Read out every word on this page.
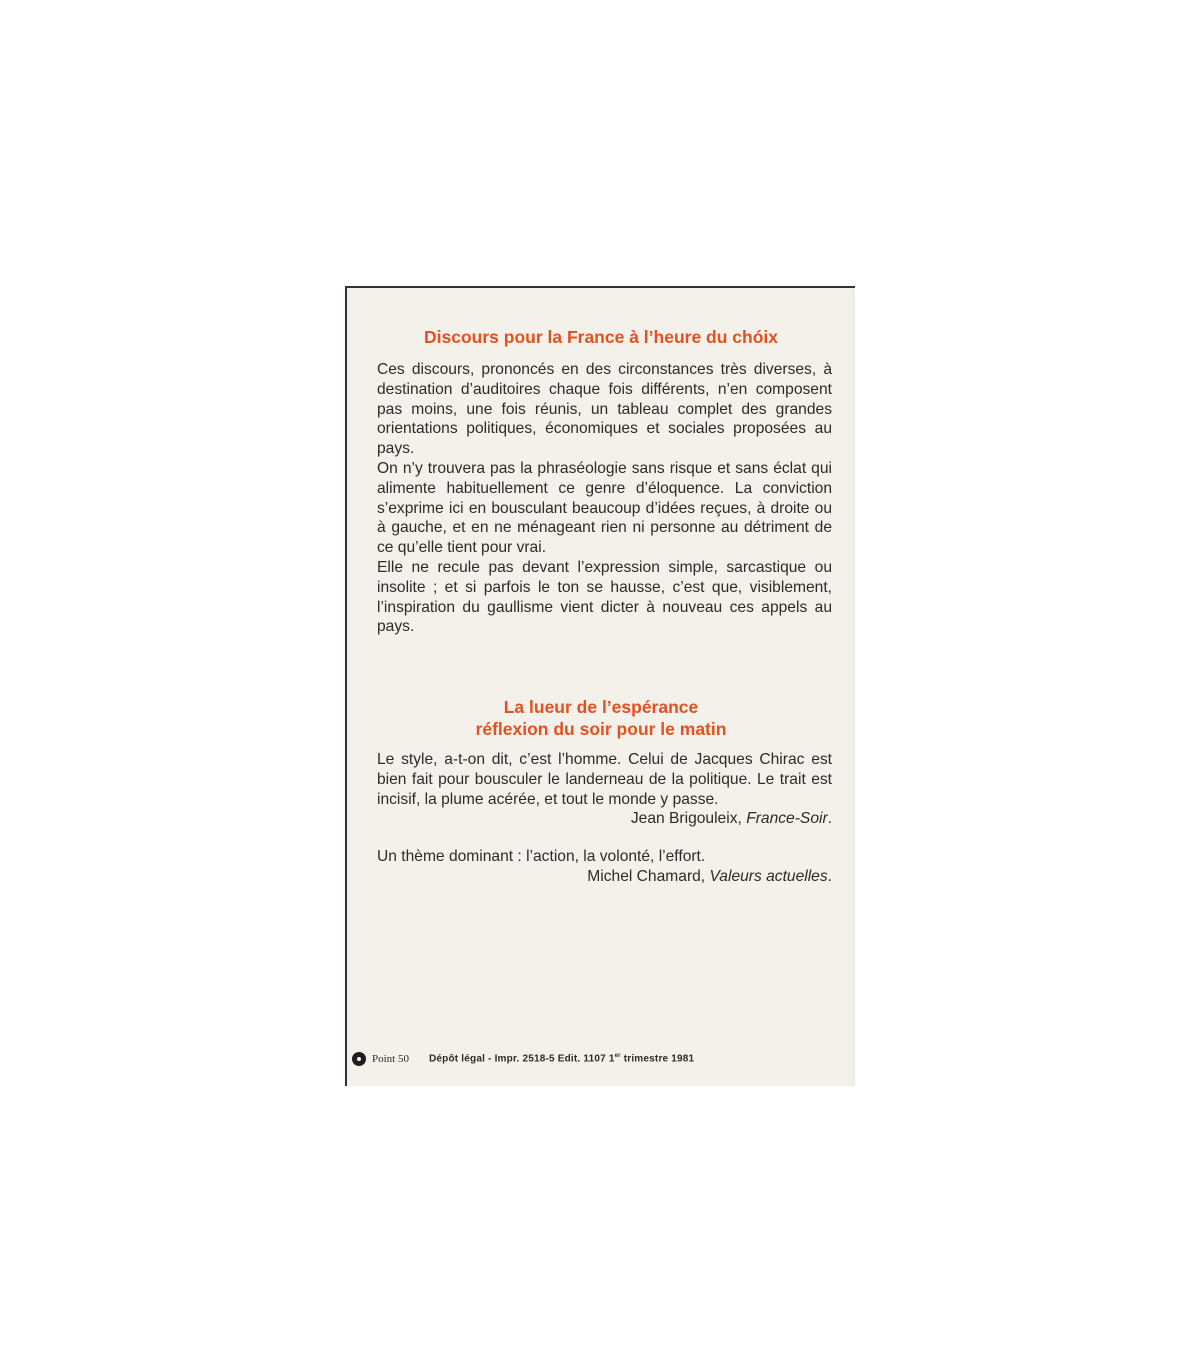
Discours pour la France à l’heure du chóix

Ces discours, prononcés en des circonstances très diverses, à destination d’auditoires chaque fois différents, n’en composent pas moins, une fois réunis, un tableau complet des grandes orientations politiques, économiques et sociales proposées au pays.

On n’y trouvera pas la phraséologie sans risque et sans éclat qui alimente habituellement ce genre d’éloquence. La conviction s’exprime ici en bousculant beaucoup d’idées reçues, à droite ou à gauche, et en ne ménageant rien ni personne au détriment de ce qu’elle tient pour vrai.

Elle ne recule pas devant l’expression simple, sarcastique ou insolite ; et si parfois le ton se hausse, c’est que, visiblement, l’inspiration du gaullisme vient dicter à nouveau ces appels au pays.

La lueur de l’espérance
réflexion du soir pour le matin

Le style, a-t-on dit, c’est l’homme. Celui de Jacques Chirac est bien fait pour bousculer le landerneau de la politique. Le trait est incisif, la plume acérée, et tout le monde y passe.

Jean Brigouleix, France-Soir.

Un thème dominant : l’action, la volonté, l’effort.

Michel Chamard, Valeurs actuelles.

Point 50 Dépôt légal - Impr. 2518-5 Edit. 1107 1er trimestre 1981
